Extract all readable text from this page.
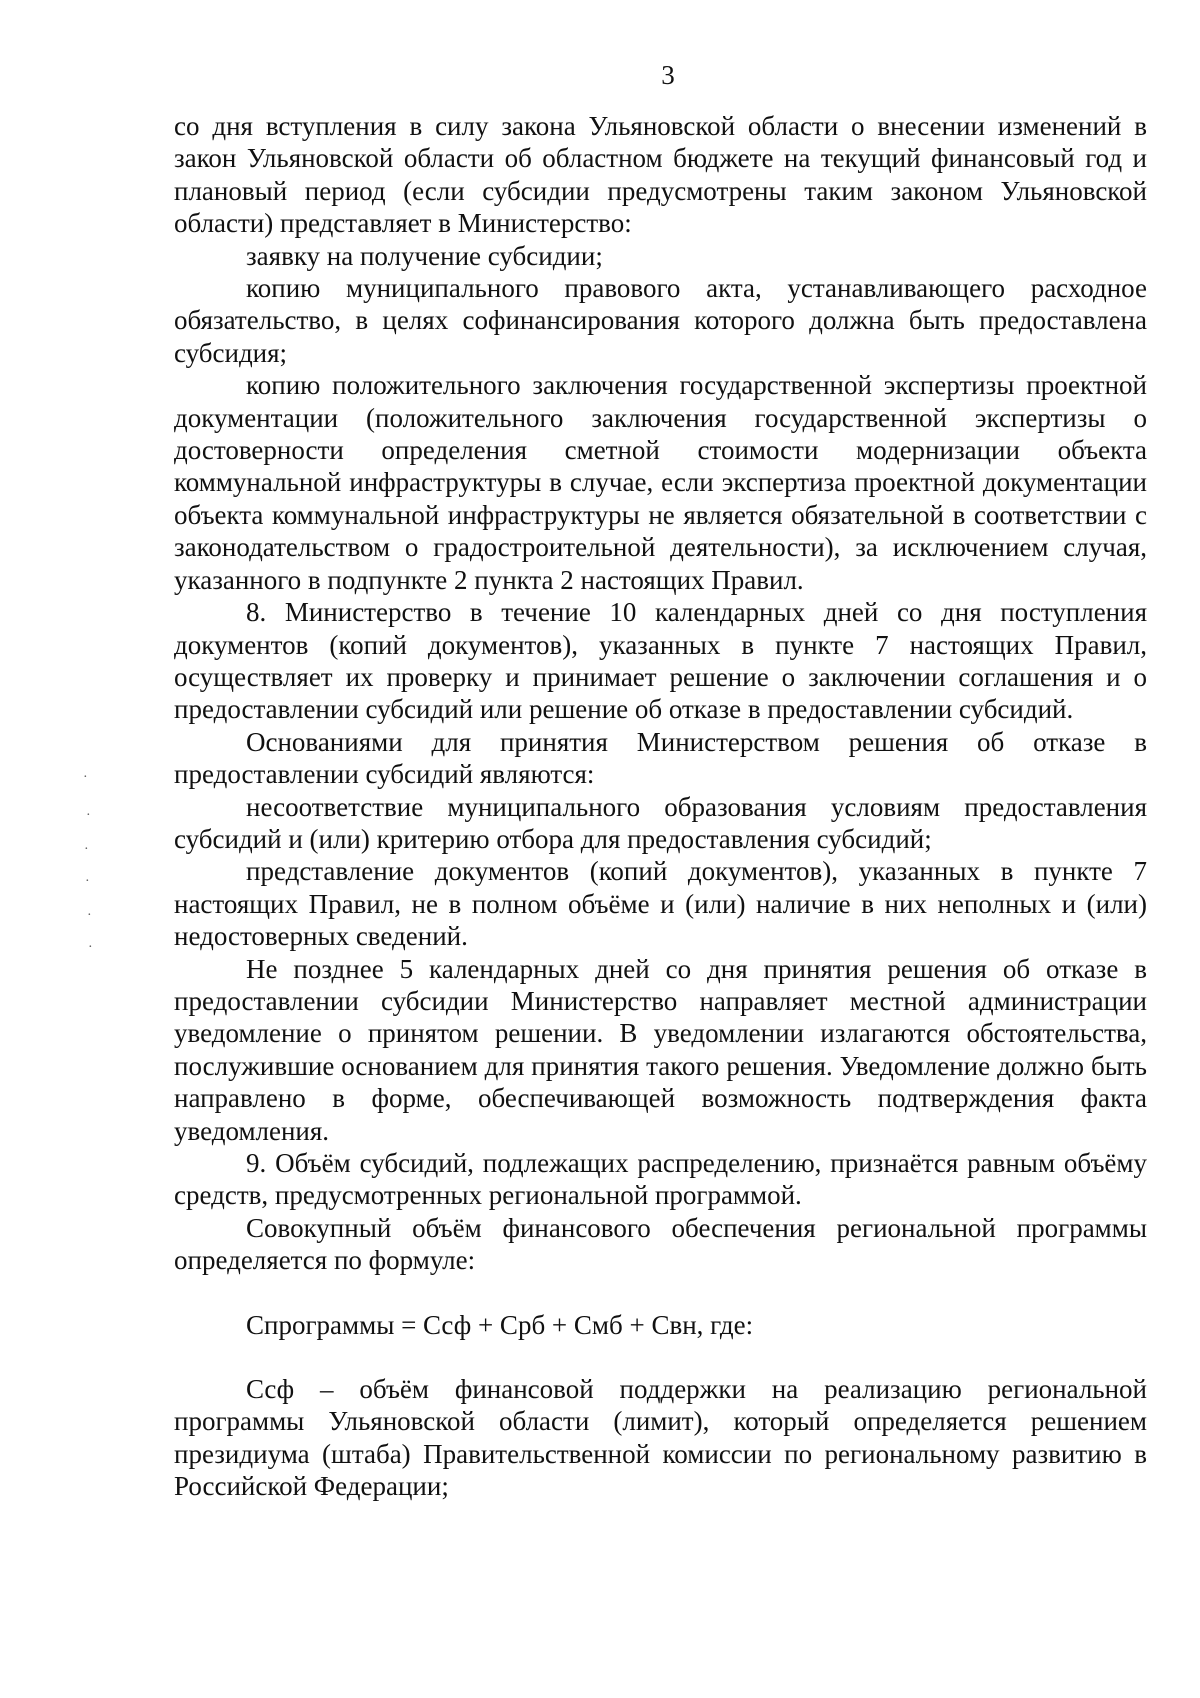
3

со дня вступления в силу закона Ульяновской области о внесении изменений в закон Ульяновской области об областном бюджете на текущий финансовый год и плановый период (если субсидии предусмотрены таким законом Ульяновской области) представляет в Министерство:

заявку на получение субсидии;

копию муниципального правового акта, устанавливающего расходное обязательство, в целях софинансирования которого должна быть предоставлена субсидия;

копию положительного заключения государственной экспертизы проектной документации (положительного заключения государственной экспертизы о достоверности определения сметной стоимости модернизации объекта коммунальной инфраструктуры в случае, если экспертиза проектной документации объекта коммунальной инфраструктуры не является обязательной в соответствии с законодательством о градостроительной деятельности), за исключением случая, указанного в подпункте 2 пункта 2 настоящих Правил.

8. Министерство в течение 10 календарных дней со дня поступления документов (копий документов), указанных в пункте 7 настоящих Правил, осуществляет их проверку и принимает решение о заключении соглашения и о предоставлении субсидий или решение об отказе в предоставлении субсидий.

Основаниями для принятия Министерством решения об отказе в предоставлении субсидий являются:

несоответствие муниципального образования условиям предоставления субсидий и (или) критерию отбора для предоставления субсидий;

представление документов (копий документов), указанных в пункте 7 настоящих Правил, не в полном объёме и (или) наличие в них неполных и (или) недостоверных сведений.

Не позднее 5 календарных дней со дня принятия решения об отказе в предоставлении субсидии Министерство направляет местной администрации уведомление о принятом решении. В уведомлении излагаются обстоятельства, послужившие основанием для принятия такого решения. Уведомление должно быть направлено в форме, обеспечивающей возможность подтверждения факта уведомления.

9. Объём субсидий, подлежащих распределению, признаётся равным объёму средств, предусмотренных региональной программой.

Совокупный объём финансового обеспечения региональной программы определяется по формуле:

Спрограммы = Ссф + Срб + Смб + Свн, где:

Ссф – объём финансовой поддержки на реализацию региональной программы Ульяновской области (лимит), который определяется решением президиума (штаба) Правительственной комиссии по региональному развитию в Российской Федерации;

·
·
·
·
·
·
